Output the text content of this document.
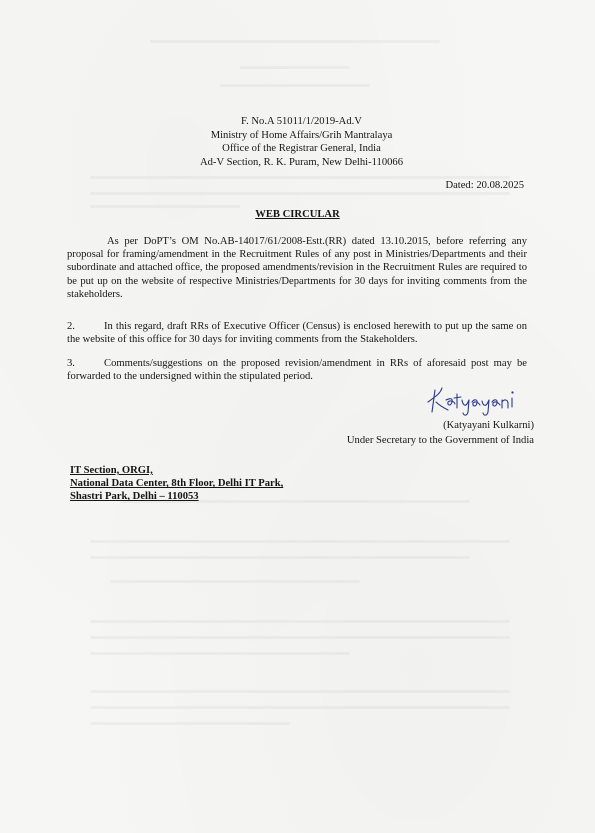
F. No.A 51011/1/2019-Ad.V
Ministry of Home Affairs/Grih Mantralaya
Office of the Registrar General, India
Ad-V Section, R. K. Puram, New Delhi-110066
Dated: 20.08.2025
WEB CIRCULAR
As per DoPT’s OM No.AB-14017/61/2008-Estt.(RR) dated 13.10.2015, before referring any proposal for framing/amendment in the Recruitment Rules of any post in Ministries/Departments and their subordinate and attached office, the proposed amendments/revision in the Recruitment Rules are required to be put up on the website of respective Ministries/Departments for 30 days for inviting comments from the stakeholders.
2.	In this regard, draft RRs of Executive Officer (Census) is enclosed herewith to put up the same on the website of this office for 30 days for inviting comments from the Stakeholders.
3.	Comments/suggestions on the proposed revision/amendment in RRs of aforesaid post may be forwarded to the undersigned within the stipulated period.
(Katyayani Kulkarni)
Under Secretary to the Government of India
IT Section, ORGI,
National Data Center, 8th Floor, Delhi IT Park,
Shastri Park, Delhi – 110053
